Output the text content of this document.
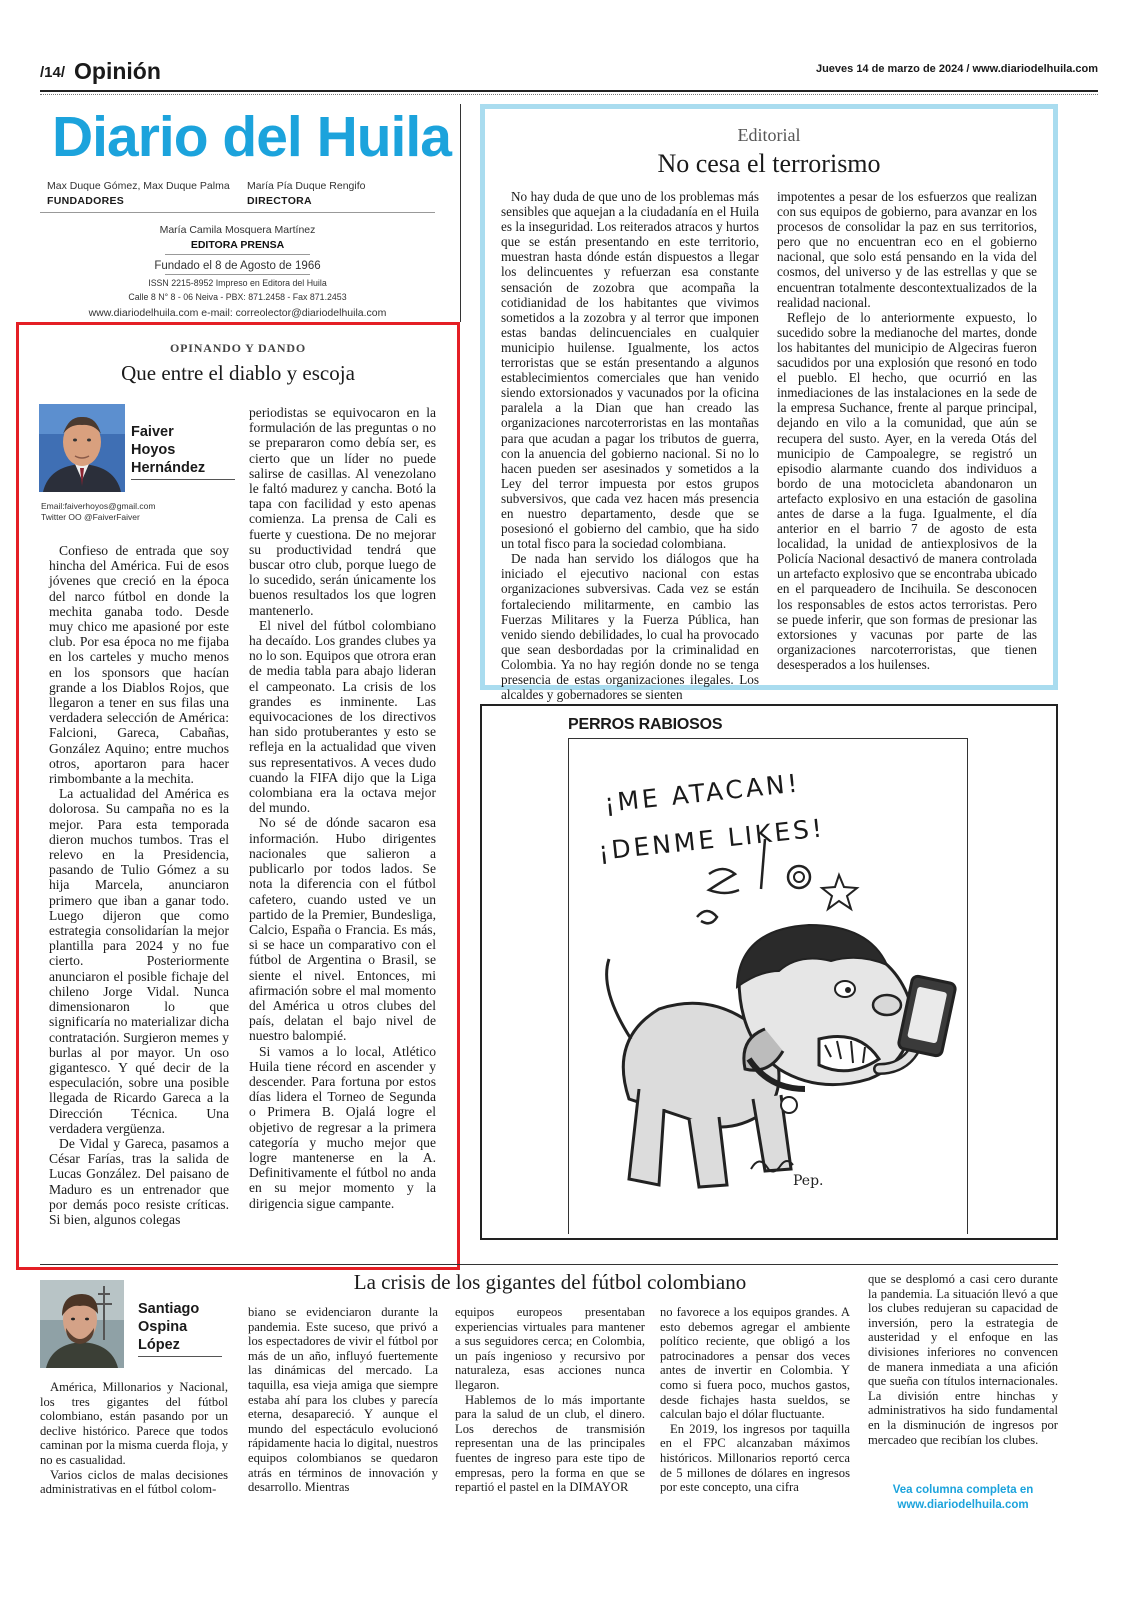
/14/ Opinión	Jueves 14 de marzo de 2024 / www.diariodelhuila.com
Diario del Huila
Max Duque Gómez, Max Duque Palma
FUNDADORES
María Pía Duque Rengifo
DIRECTORA
María Camila Mosquera Martínez
EDITORA PRENSA
Fundado el 8 de Agosto de 1966
ISSN 2215-8952 Impreso en Editora del Huila
Calle 8 N° 8 - 06 Neiva - PBX: 871.2458 - Fax 871.2453
www.diariodelhuila.com e-mail: correolector@diariodelhuila.com
OPINANDO Y DANDO
Que entre el diablo y escoja
Faiver
Hoyos
Hernández
Email:faiverhoyos@gmail.com
Twitter OO @FaiverFaiver

Confieso de entrada que soy hincha del América. Fui de esos jóvenes que creció en la época del narco fútbol en donde la mechita ganaba todo. Desde muy chico me apasioné por este club. Por esa época no me fijaba en los carteles y mucho menos en los sponsors que hacían grande a los Diablos Rojos, que llegaron a tener en sus filas una verdadera selección de América: Falcioni, Gareca, Cabañas, González Aquino; entre muchos otros, aportaron para hacer rimbombante a la mechita.

La actualidad del América es dolorosa. Su campaña no es la mejor. Para esta temporada dieron muchos tumbos. Tras el relevo en la Presidencia, pasando de Tulio Gómez a su hija Marcela, anunciaron primero que iban a ganar todo. Luego dijeron que como estrategia consolidarían la mejor plantilla para 2024 y no fue cierto. Posteriormente anunciaron el posible fichaje del chileno Jorge Vidal. Nunca dimensionaron lo que significaría no materializar dicha contratación. Surgieron memes y burlas al por mayor. Un oso gigantesco. Y qué decir de la especulación, sobre una posible llegada de Ricardo Gareca a la Dirección Técnica. Una verdadera vergüenza.

De Vidal y Gareca, pasamos a César Farías, tras la salida de Lucas González. Del paisano de Maduro es un entrenador que por demás poco resiste críticas. Si bien, algunos colegas

periodistas se equivocaron en la formulación de las preguntas o no se prepararon como debía ser, es cierto que un líder no puede salirse de casillas. Al venezolano le faltó madurez y cancha. Botó la tapa con facilidad y esto apenas comienza. La prensa de Cali es fuerte y cuestiona. De no mejorar su productividad tendrá que buscar otro club, porque luego de lo sucedido, serán únicamente los buenos resultados los que logren mantenerlo.

El nivel del fútbol colombiano ha decaído. Los grandes clubes ya no lo son. Equipos que otrora eran de media tabla para abajo lideran el campeonato. La crisis de los grandes es inminente. Las equivocaciones de los directivos han sido protuberantes y esto se refleja en la actualidad que viven sus representativos. A veces dudo cuando la FIFA dijo que la Liga colombiana era la octava mejor del mundo.

No sé de dónde sacaron esa información. Hubo dirigentes nacionales que salieron a publicarlo por todos lados. Se nota la diferencia con el fútbol cafetero, cuando usted ve un partido de la Premier, Bundesliga, Calcio, España o Francia. Es más, si se hace un comparativo con el fútbol de Argentina o Brasil, se siente el nivel. Entonces, mi afirmación sobre el mal momento del América u otros clubes del país, delatan el bajo nivel de nuestro balompié.

Si vamos a lo local, Atlético Huila tiene récord en ascender y descender. Para fortuna por estos días lidera el Torneo de Segunda o Primera B. Ojalá logre el objetivo de regresar a la primera categoría y mucho mejor que logre mantenerse en la A. Definitivamente el fútbol no anda en su mejor momento y la dirigencia sigue campante.

Editorial
No cesa el terrorismo

No hay duda de que uno de los problemas más sensibles que aquejan a la ciudadanía en el Huila es la inseguridad. Los reiterados atracos y hurtos que se están presentando en este territorio, muestran hasta dónde están dispuestos a llegar los delincuentes y refuerzan esa constante sensación de zozobra que acompaña la cotidianidad de los habitantes que vivimos sometidos a la zozobra y al terror que imponen estas bandas delincuenciales en cualquier municipio huilense. Igualmente, los actos terroristas que se están presentando a algunos establecimientos comerciales que han venido siendo extorsionados y vacunados por la oficina paralela a la Dian que han creado las organizaciones narcoterroristas en las montañas para que acudan a pagar los tributos de guerra, con la anuencia del gobierno nacional. Si no lo hacen pueden ser asesinados y sometidos a la Ley del terror impuesta por estos grupos subversivos, que cada vez hacen más presencia en nuestro departamento, desde que se posesionó el gobierno del cambio, que ha sido un total fisco para la sociedad colombiana.

De nada han servido los diálogos que ha iniciado el ejecutivo nacional con estas organizaciones subversivas. Cada vez se están fortaleciendo militarmente, en cambio las Fuerzas Militares y la Fuerza Pública, han venido siendo debilidades, lo cual ha provocado que sean desbordadas por la criminalidad en Colombia. Ya no hay región donde no se tenga presencia de estas organizaciones ilegales. Los alcaldes y gobernadores se sienten

impotentes a pesar de los esfuerzos que realizan con sus equipos de gobierno, para avanzar en los procesos de consolidar la paz en sus territorios, pero que no encuentran eco en el gobierno nacional, que solo está pensando en la vida del cosmos, del universo y de las estrellas y que se encuentran totalmente descontextualizados de la realidad nacional.

Reflejo de lo anteriormente expuesto, lo sucedido sobre la medianoche del martes, donde los habitantes del municipio de Algeciras fueron sacudidos por una explosión que resonó en todo el pueblo. El hecho, que ocurrió en las inmediaciones de las instalaciones en la sede de la empresa Suchance, frente al parque principal, dejando en vilo a la comunidad, que aún se recupera del susto. Ayer, en la vereda Otás del municipio de Campoalegre, se registró un episodio alarmante cuando dos individuos a bordo de una motocicleta abandonaron un artefacto explosivo en una estación de gasolina antes de darse a la fuga. Igualmente, el día anterior en el barrio 7 de agosto de esta localidad, la unidad de antiexplosivos de la Policía Nacional desactivó de manera controlada un artefacto explosivo que se encontraba ubicado en el parqueadero de Incihuila. Se desconocen los responsables de estos actos terroristas. Pero se puede inferir, que son formas de presionar las extorsiones y vacunas por parte de las organizaciones narcoterroristas, que tienen desesperados a los huilenses.

PERROS RABIOSOS
¡ME ATACAN!
¡DENME LIKES!
Pep.
La crisis de los gigantes del fútbol colombiano
Santiago
Ospina
López

América, Millonarios y Nacional, los tres gigantes del fútbol colombiano, están pasando por un declive histórico. Parece que todos caminan por la misma cuerda floja, y no es casualidad.

Varios ciclos de malas decisiones administrativas en el fútbol colom-

biano se evidenciaron durante la pandemia. Este suceso, que privó a los espectadores de vivir el fútbol por más de un año, influyó fuertemente las dinámicas del mercado. La taquilla, esa vieja amiga que siempre estaba ahí para los clubes y parecía eterna, desapareció. Y aunque el mundo del espectáculo evolucionó rápidamente hacia lo digital, nuestros equipos colombianos se quedaron atrás en términos de innovación y desarrollo. Mientras

equipos europeos presentaban experiencias virtuales para mantener a sus seguidores cerca; en Colombia, un país ingenioso y recursivo por naturaleza, esas acciones nunca llegaron.

Hablemos de lo más importante para la salud de un club, el dinero. Los derechos de transmisión representan una de las principales fuentes de ingreso para este tipo de empresas, pero la forma en que se repartió el pastel en la DIMAYOR

no favorece a los equipos grandes. A esto debemos agregar el ambiente político reciente, que obligó a los patrocinadores a pensar dos veces antes de invertir en Colombia. Y como si fuera poco, muchos gastos, desde fichajes hasta sueldos, se calculan bajo el dólar fluctuante.

En 2019, los ingresos por taquilla en el FPC alcanzaban máximos históricos. Millonarios reportó cerca de 5 millones de dólares en ingresos por este concepto, una cifra

que se desplomó a casi cero durante la pandemia. La situación llevó a que los clubes redujeran su capacidad de inversión, pero la estrategia de austeridad y el enfoque en las divisiones inferiores no convencen de manera inmediata a una afición que sueña con títulos internacionales. La división entre hinchas y administrativos ha sido fundamental en la disminución de ingresos por mercadeo que recibían los clubes.

Vea columna completa en www.diariodelhuila.com
